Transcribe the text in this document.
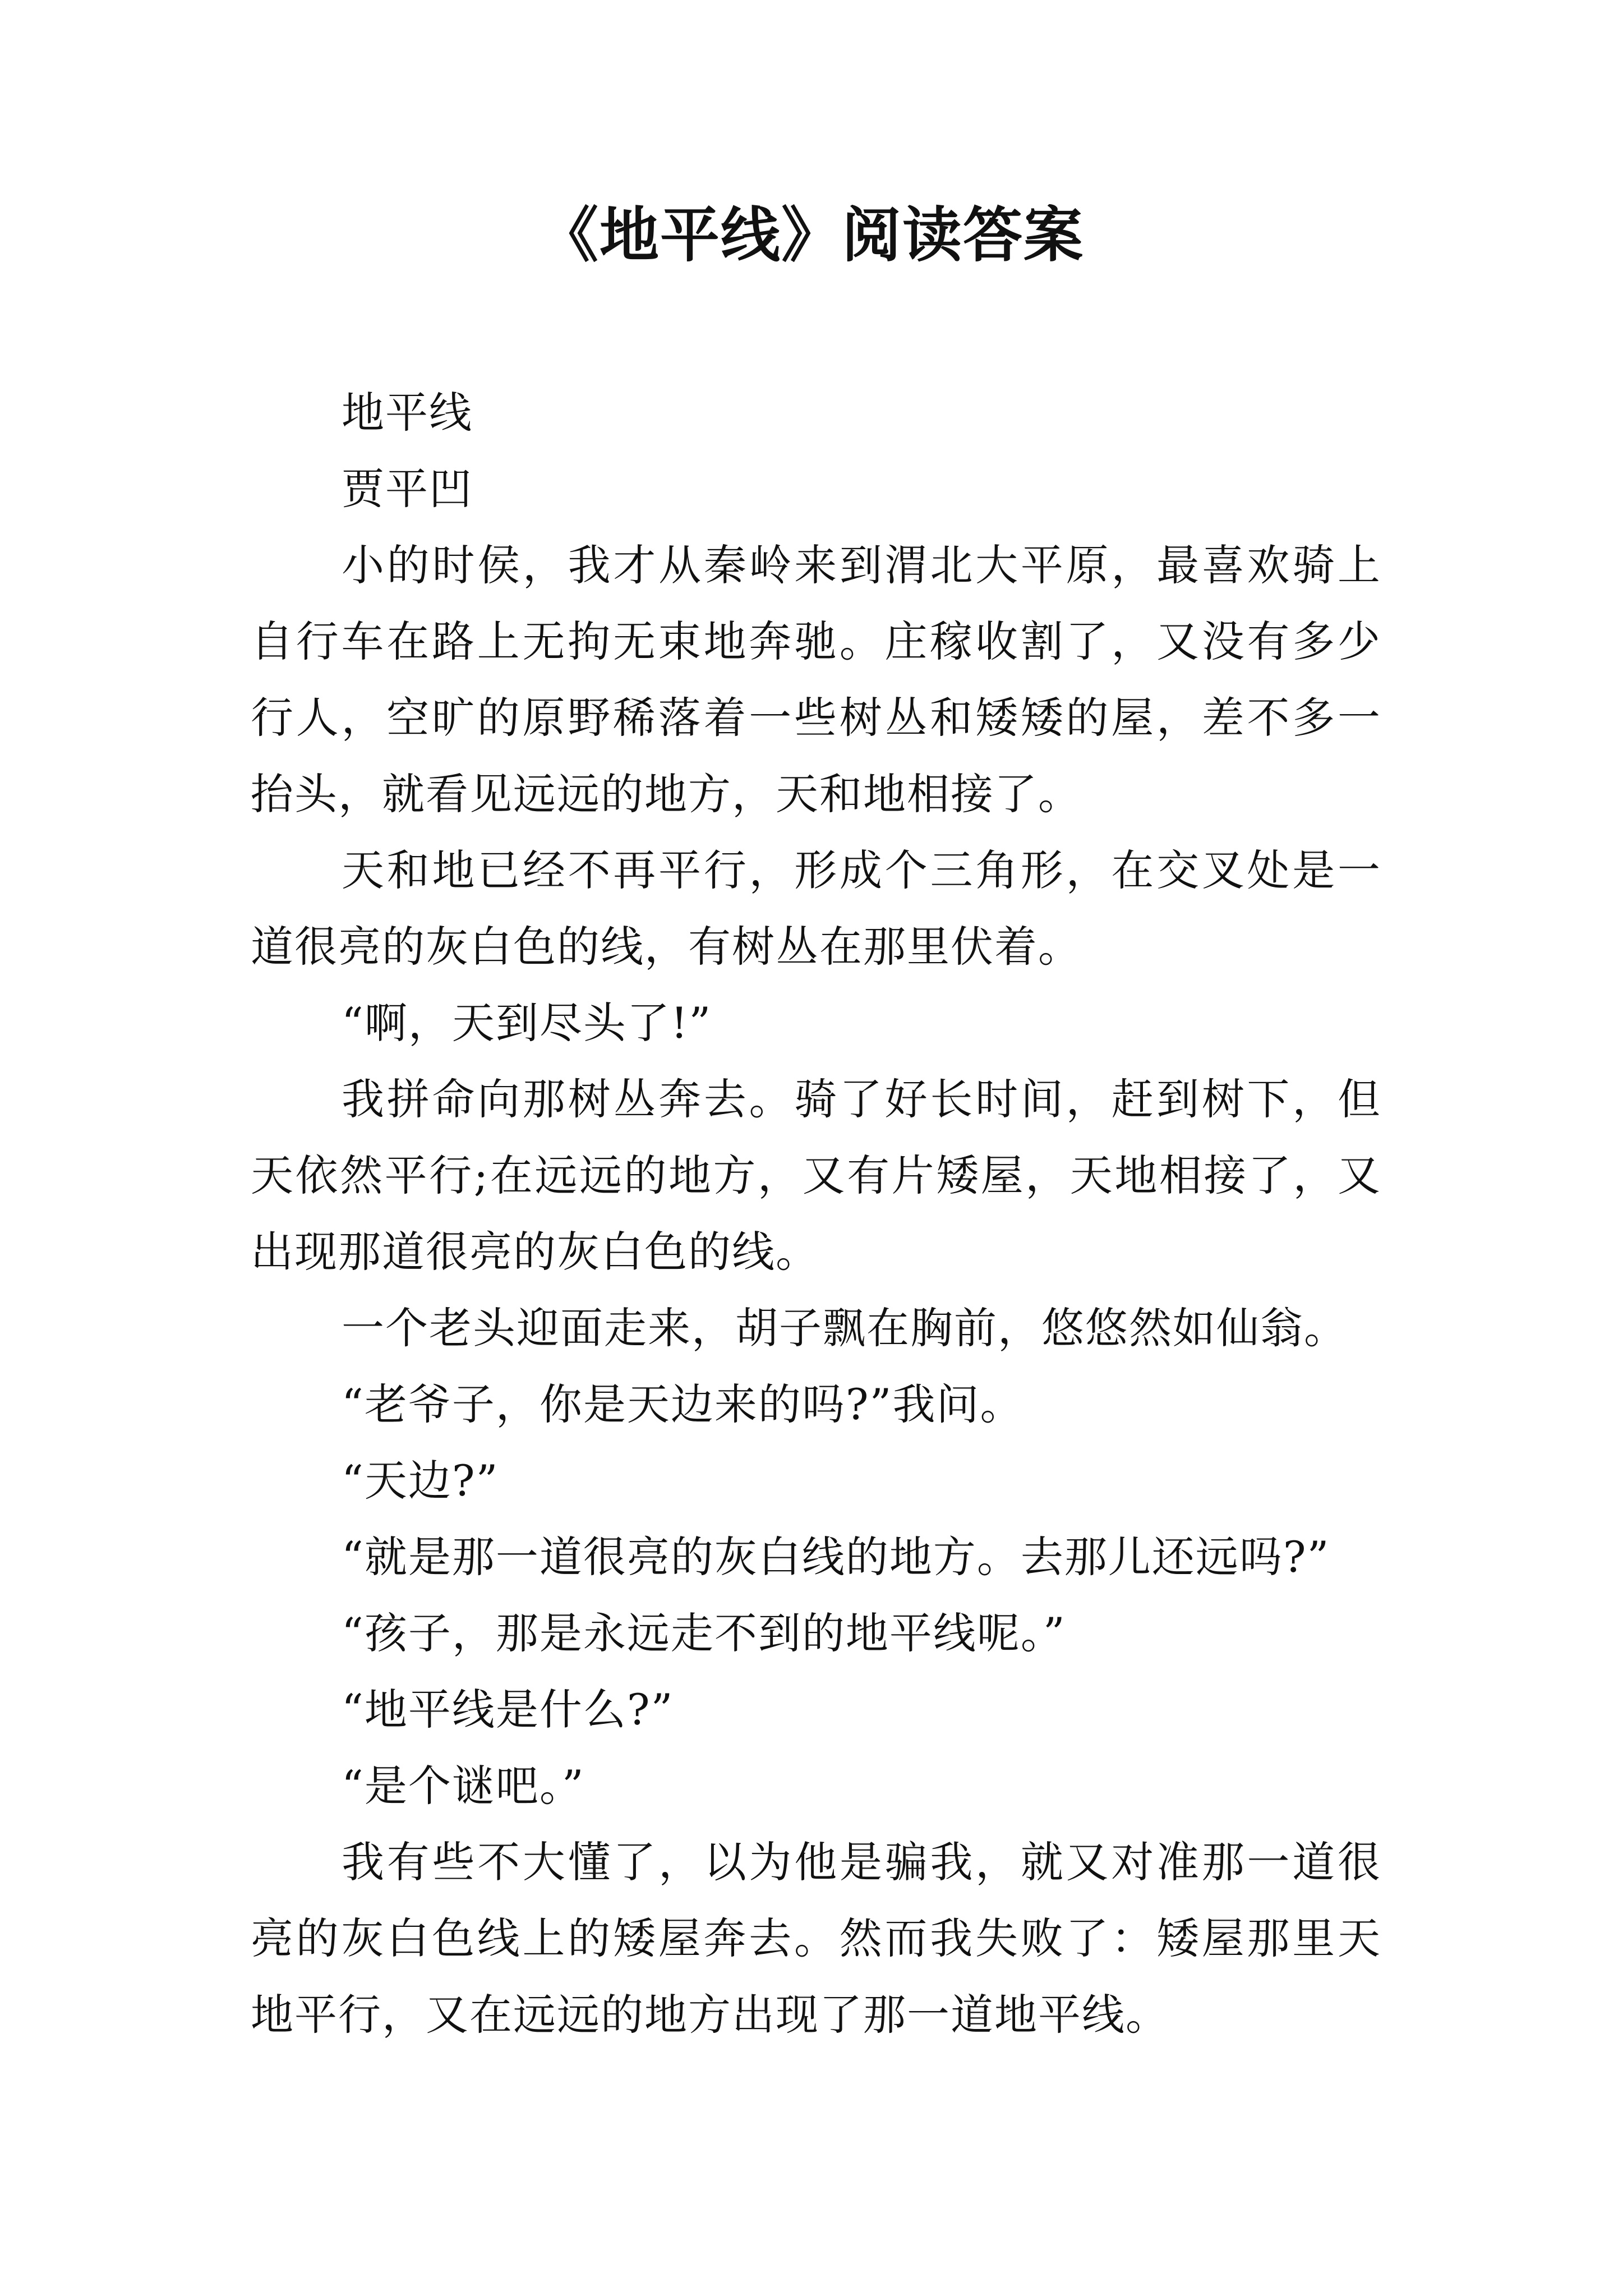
《地平线》阅读答案

地平线

贾平凹

小的时侯，我才从秦岭来到渭北大平原，最喜欢骑上自行车在路上无拘无束地奔驰。庄稼收割了，又没有多少行人，空旷的原野稀落着一些树丛和矮矮的屋，差不多一抬头，就看见远远的地方，天和地相接了。

天和地已经不再平行，形成个三角形，在交叉处是一道很亮的灰白色的线，有树丛在那里伏着。

“啊，天到尽头了!”

我拼命向那树丛奔去。骑了好长时间，赶到树下，但天依然平行;在远远的地方，又有片矮屋，天地相接了，又出现那道很亮的灰白色的线。

一个老头迎面走来，胡子飘在胸前，悠悠然如仙翁。

“老爷子，你是天边来的吗?”我问。

“天边?”

“就是那一道很亮的灰白线的地方。去那儿还远吗?”

“孩子，那是永远走不到的地平线呢。”

“地平线是什么?”

“是个谜吧。”

我有些不大懂了，以为他是骗我，就又对准那一道很亮的灰白色线上的矮屋奔去。然而我失败了：矮屋那里天地平行，又在远远的地方出现了那一道地平线。
